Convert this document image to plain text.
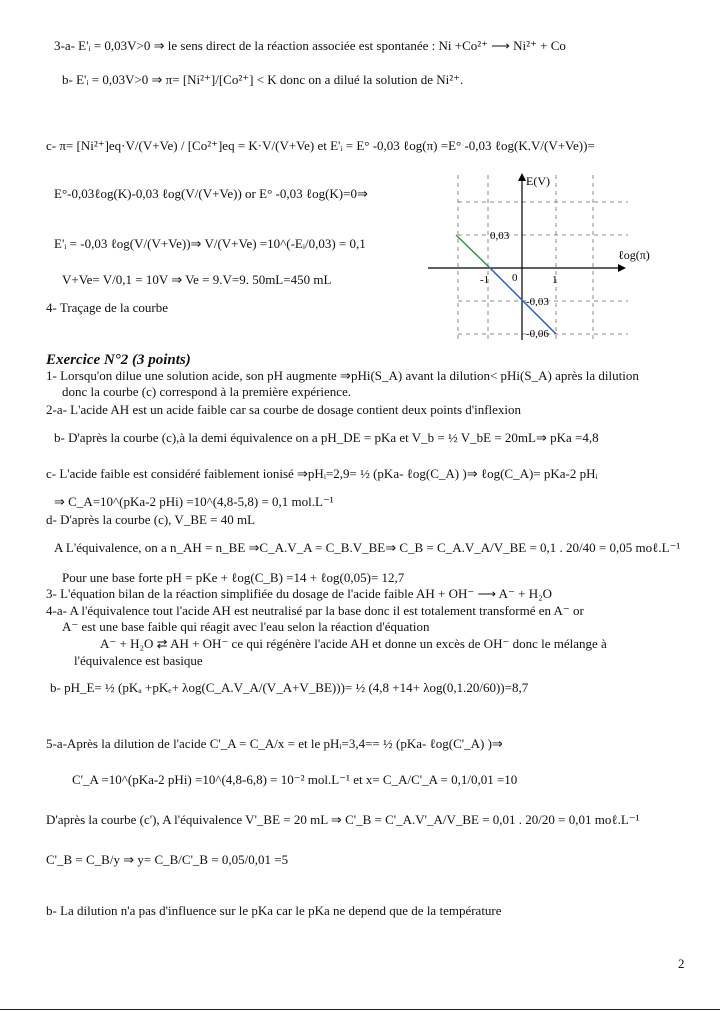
3-a- E'ᵢ = 0,03V>0 ⇒ le sens direct de la réaction associée est spontanée : Ni +Co²⁺ ⟶ Ni²⁺ + Co
b- E'ᵢ = 0,03V>0 ⇒ π= [Ni²⁺]/[Co²⁺] < K donc on a dilué la solution de Ni²⁺.
c- π= [Ni²⁺]eq·V/(V+Ve) / [Co²⁺]eq = K·V/(V+Ve) et E'ᵢ = E° -0,03 ℓog(π) =E° -0,03 ℓog(K.V/(V+Ve))=
E°-0,03ℓog(K)-0,03 ℓog(V/(V+Ve)) or E° -0,03 ℓog(K)=0⇒
E'ᵢ = -0,03 ℓog(V/(V+Ve))⇒ V/(V+Ve) =10^(-Eᵢ/0,03) = 0,1
V+Ve= V/0,1 = 10V ⇒ Ve = 9.V=9. 50mL=450 mL
4- Traçage de la courbe
E(V)
ℓog(π)
0,03
-0,03
-0,06
-1 0	1
Exercice N°2 (3 points)
1- Lorsqu'on dilue une solution acide, son pH augmente ⇒pHi(S_A) avant la dilution< pHi(S_A) après la dilution
donc la courbe (c) correspond à la première expérience.
2-a- L'acide AH est un acide faible car sa courbe de dosage contient deux points d'inflexion
b- D'après la courbe (c),à la demi équivalence on a pH_DE = pKa et V_b = ½ V_bE = 20mL⇒ pKa =4,8
c- L'acide faible est considéré faiblement ionisé ⇒pHᵢ=2,9= ½ (pKa- ℓog(C_A) )⇒ ℓog(C_A)= pKa-2 pHᵢ
⇒ C_A=10^(pKa-2 pHi) =10^(4,8-5,8) = 0,1 mol.L⁻¹
d- D'après la courbe (c), V_BE = 40 mL
A L'équivalence, on a n_AH = n_BE ⇒C_A.V_A = C_B.V_BE⇒ C_B = C_A.V_A/V_BE = 0,1 . 20/40 = 0,05 moℓ.L⁻¹
Pour une base forte pH = pKe + ℓog(C_B) =14 + ℓog(0,05)= 12,7
3- L'équation bilan de la réaction simplifiée du dosage de l'acide faible AH + OH⁻ ⟶ A⁻ + H₂O
4-a- A l'équivalence tout l'acide AH est neutralisé par la base donc il est totalement transformé en A⁻ or
A⁻ est une base faible qui réagit avec l'eau selon la réaction d'équation
A⁻ + H₂O ⇄ AH + OH⁻ ce qui régénère l'acide AH et donne un excès de OH⁻ donc le mélange à
l'équivalence est basique
b- pH_E= ½ (pKₐ +pKₑ+ λog(C_A.V_A/(V_A+V_BE)))= ½ (4,8 +14+ λog(0,1.20/60))=8,7
5-a-Après la dilution de l'acide C'_A = C_A/x = et le pHᵢ=3,4== ½ (pKa- ℓog(C'_A) )⇒
C'_A =10^(pKa-2 pHi) =10^(4,8-6,8) = 10⁻² mol.L⁻¹ et x= C_A/C'_A = 0,1/0,01 =10
D'après la courbe (c'), A l'équivalence V'_BE = 20 mL ⇒ C'_B = C'_A.V'_A/V_BE = 0,01 . 20/20 = 0,01 moℓ.L⁻¹
C'_B = C_B/y ⇒ y= C_B/C'_B = 0,05/0,01 =5
b- La dilution n'a pas d'influence sur le pKa car le pKa ne depend que de la température
2
